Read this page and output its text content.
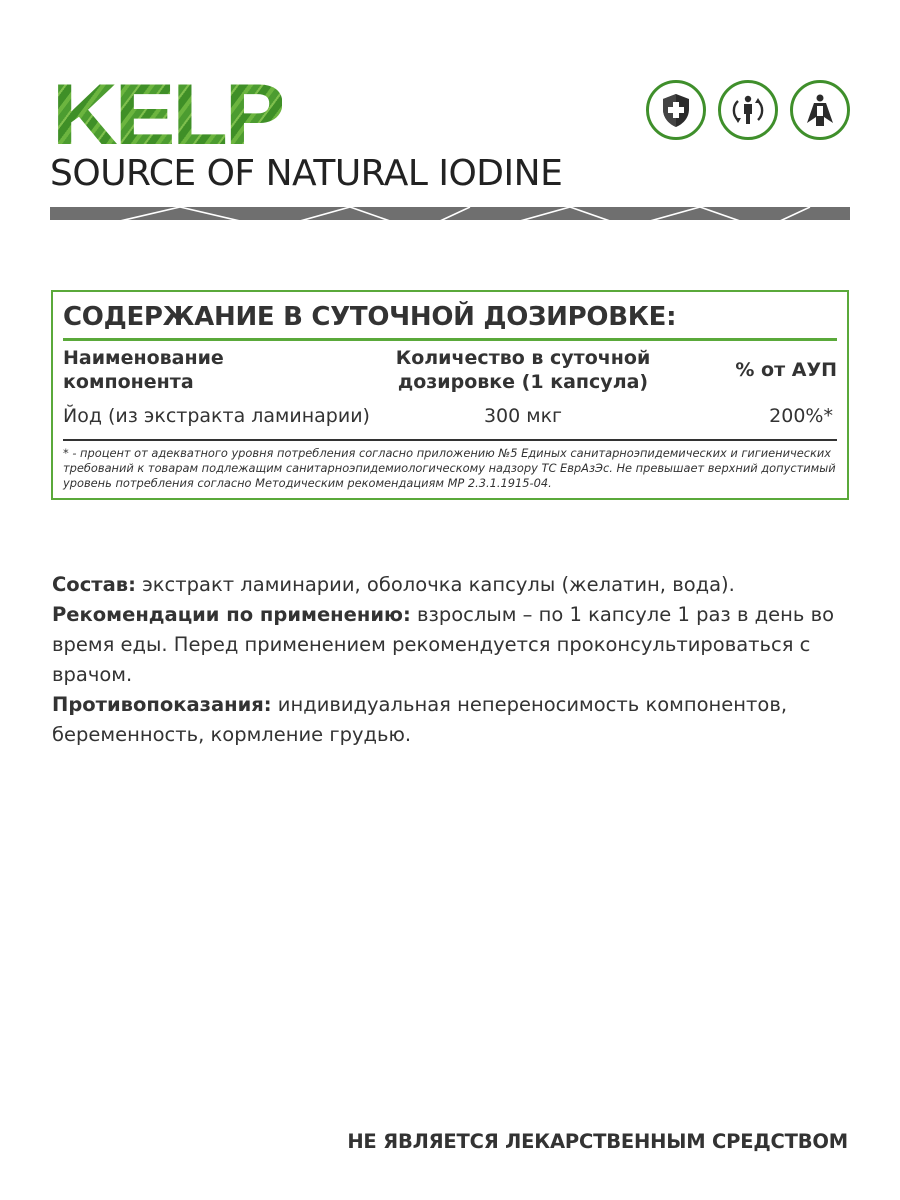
KELP
SOURCE OF NATURAL IODINE
СОДЕРЖАНИЕ В СУТОЧНОЙ ДОЗИРОВКЕ:
Наименование
компонента
Количество в суточной
дозировке (1 капсула)
% от АУП
Йод (из экстракта ламинарии)	300 мкг	200%*

* - процент от адекватного уровня потребления согласно приложению №5 Единых санитарноэпидемических и гигиенических требований к товарам подлежащим санитарноэпидемиологическому надзору ТС ЕврАзЭс. Не превышает верхний допустимый уровень потребления согласно Методическим рекомендациям МР 2.3.1.1915-04.

Состав: экстракт ламинарии, оболочка капсулы (желатин, вода).

Рекомендации по применению: взрослым – по 1 капсуле 1 раз в день во время еды. Перед применением рекомендуется проконсультироваться с врачом.

Противопоказания: индивидуальная непереносимость компонентов, беременность, кормление грудью.

НЕ ЯВЛЯЕТСЯ ЛЕКАРСТВЕННЫМ СРЕДСТВОМ
